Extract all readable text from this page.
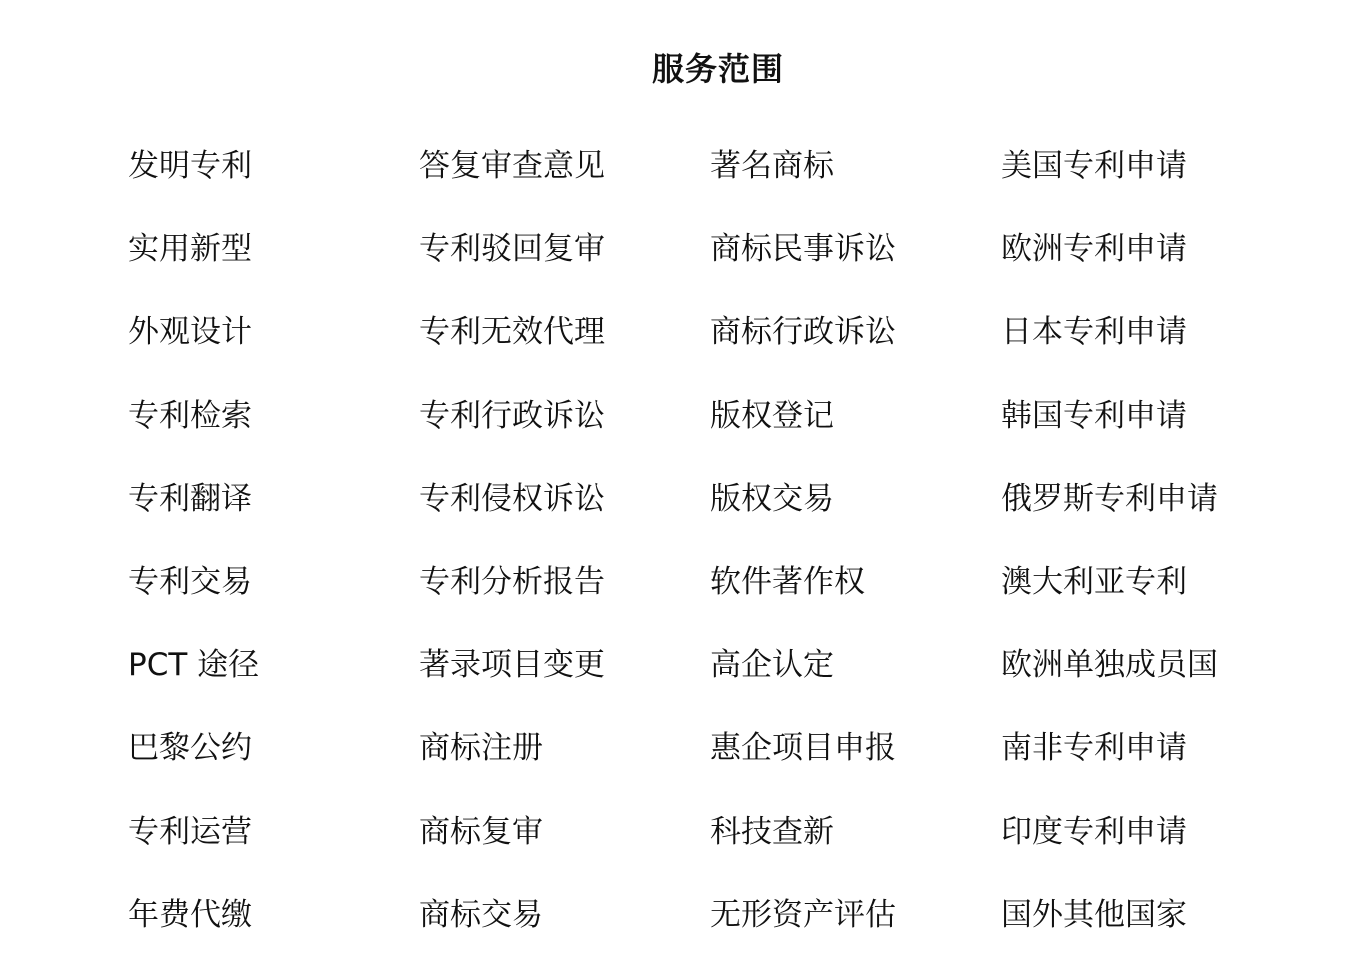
服务范围
发明专利	答复审查意见	著名商标	美国专利申请
实用新型	专利驳回复审	商标民事诉讼	欧洲专利申请
外观设计	专利无效代理	商标行政诉讼	日本专利申请
专利检索	专利行政诉讼	版权登记	韩国专利申请
专利翻译	专利侵权诉讼	版权交易	俄罗斯专利申请
专利交易	专利分析报告	软件著作权	澳大利亚专利
PCT 途径	著录项目变更	高企认定	欧洲单独成员国
巴黎公约	商标注册	惠企项目申报	南非专利申请
专利运营	商标复审	科技查新	印度专利申请
年费代缴	商标交易	无形资产评估	国外其他国家
